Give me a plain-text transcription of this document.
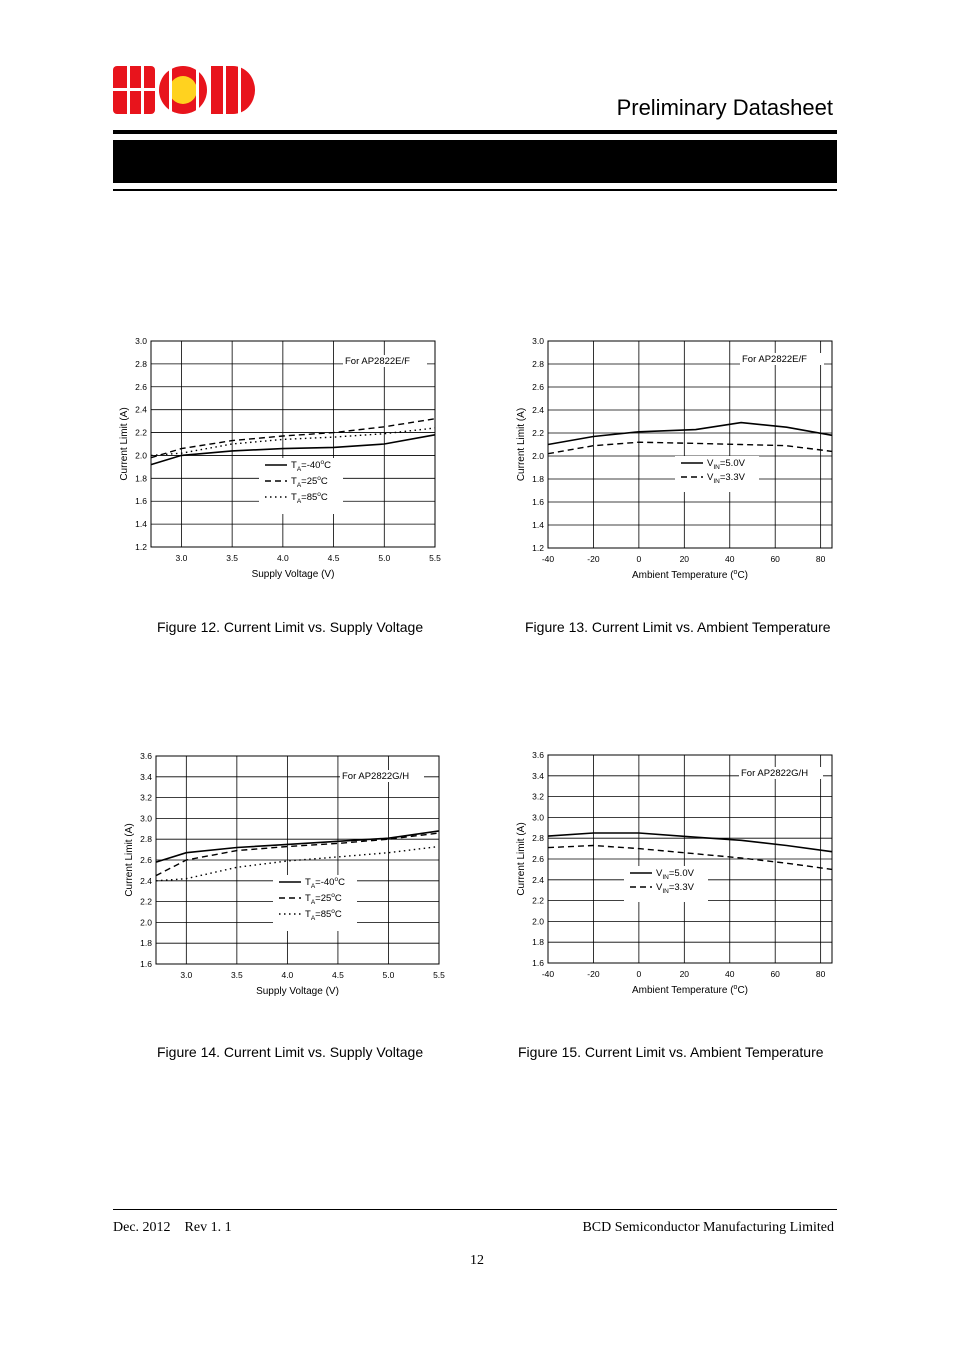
Preliminary Datasheet
3.0	3.5	4.0	4.5	5.0	5.5
1.2
1.4
1.6
1.8
2.0
2.2
2.4
2.6
2.8
3.0
Supply Voltage (V)
Current Limit (A)
For AP2822E/F
$T_A=-40^oC$
$T_A=25^oC$
$T_A=85^oC$
-40	-20	0	20	40	60	80
1.2
1.4
1.6
1.8
2.0
2.2
2.4
2.6
2.8
3.0
Ambient Temperature ($^o$C)
Current Limit (A)
For AP2822E/F
$V_{IN}=5.0V$
$V_{IN}=3.3V$
3.0	3.5	4.0	4.5	5.0	5.5
1.6
1.8
2.0
2.2
2.4
2.6
2.8
3.0
3.2
3.4
3.6
Supply Voltage (V)
Current Limit (A)
For AP2822G/H
$T_A=-40^oC$
$T_A=25^oC$
$T_A=85^oC$
-40	-20	0	20	40	60	80
1.6
1.8
2.0
2.2
2.4
2.6
2.8
3.0
3.2
3.4
3.6
Ambient Temperature ($^o$C)
Current Limit (A)
For AP2822G/H
$V_{IN}=5.0V$
$V_{IN}=3.3V$
Figure 12. Current Limit vs. Supply Voltage	Figure 13. Current Limit vs. Ambient Temperature
Figure 14. Current Limit vs. Supply Voltage	Figure 15. Current Limit vs. Ambient Temperature
Dec. 2012    Rev 1. 1	BCD Semiconductor Manufacturing Limited
12
